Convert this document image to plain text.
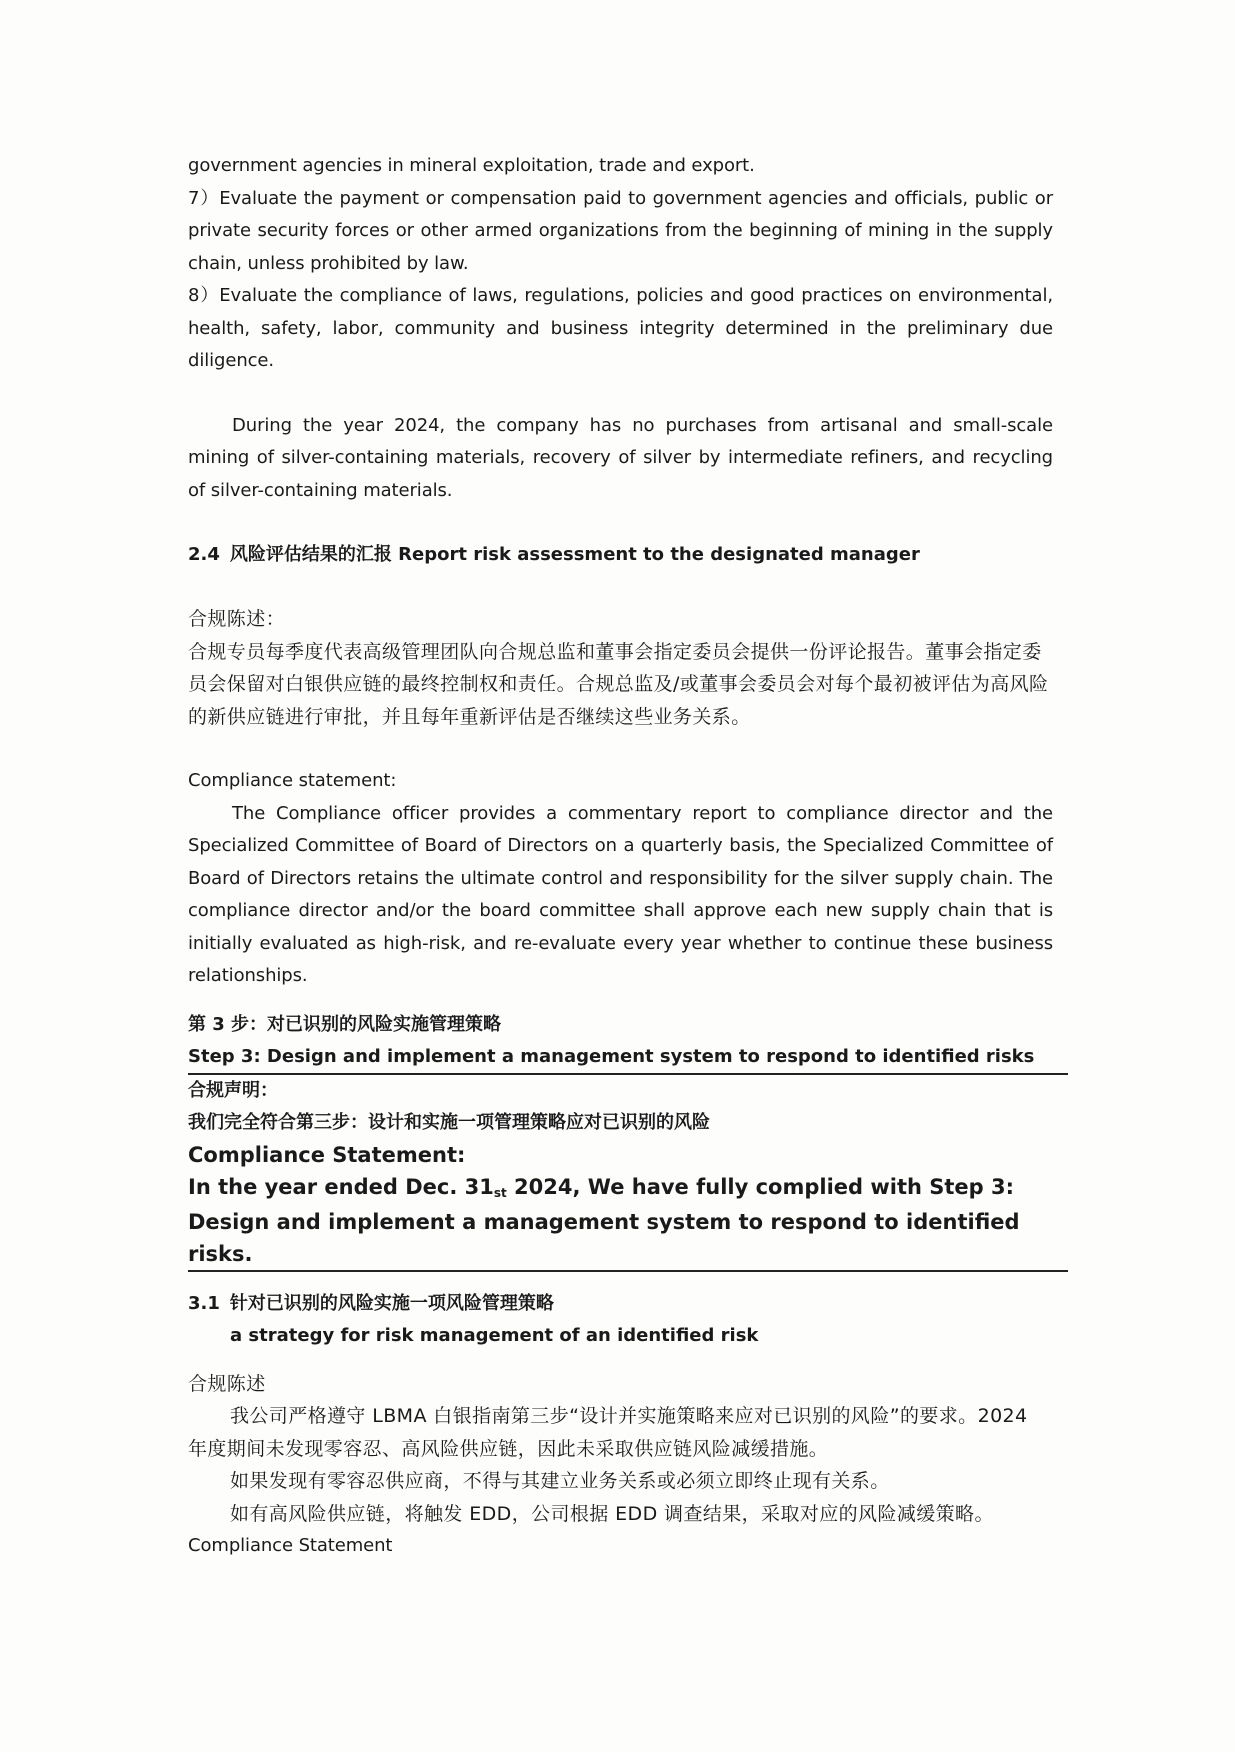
government agencies in mineral exploitation, trade and export.

7）Evaluate the payment or compensation paid to government agencies and officials, public or private security forces or other armed organizations from the beginning of mining in the supply chain, unless prohibited by law.

8）Evaluate the compliance of laws, regulations, policies and good practices on environmental, health, safety, labor, community and business integrity determined in the preliminary due diligence.

During the year 2024, the company has no purchases from artisanal and small-scale mining of silver-containing materials, recovery of silver by intermediate refiners, and recycling of silver-containing materials.

2.4 风险评估结果的汇报 Report risk assessment to the designated manager

合规陈述：

合规专员每季度代表高级管理团队向合规总监和董事会指定委员会提供一份评论报告。董事会指定委员会保留对白银供应链的最终控制权和责任。合规总监及/或董事会委员会对每个最初被评估为高风险的新供应链进行审批，并且每年重新评估是否继续这些业务关系。

Compliance statement:

The Compliance officer provides a commentary report to compliance director and the Specialized Committee of Board of Directors on a quarterly basis, the Specialized Committee of Board of Directors retains the ultimate control and responsibility for the silver supply chain. The compliance director and/or the board committee shall approve each new supply chain that is initially evaluated as high-risk, and re-evaluate every year whether to continue these business relationships.

第 3 步：对已识别的风险实施管理策略

Step 3: Design and implement a management system to respond to identified risks

合规声明：

我们完全符合第三步：设计和实施一项管理策略应对已识别的风险

Compliance Statement:

In the year ended Dec. $31_{st}$ 2024, We have fully complied with Step 3: Design and implement a management system to respond to identified risks.

3.1 针对已识别的风险实施一项风险管理策略

a strategy for risk management of an identified risk

合规陈述

我公司严格遵守 LBMA 白银指南第三步“设计并实施策略来应对已识别的风险”的要求。2024 年度期间未发现零容忍、高风险供应链，因此未采取供应链风险减缓措施。

如果发现有零容忍供应商，不得与其建立业务关系或必须立即终止现有关系。

如有高风险供应链，将触发 EDD，公司根据 EDD 调查结果，采取对应的风险减缓策略。

Compliance Statement
